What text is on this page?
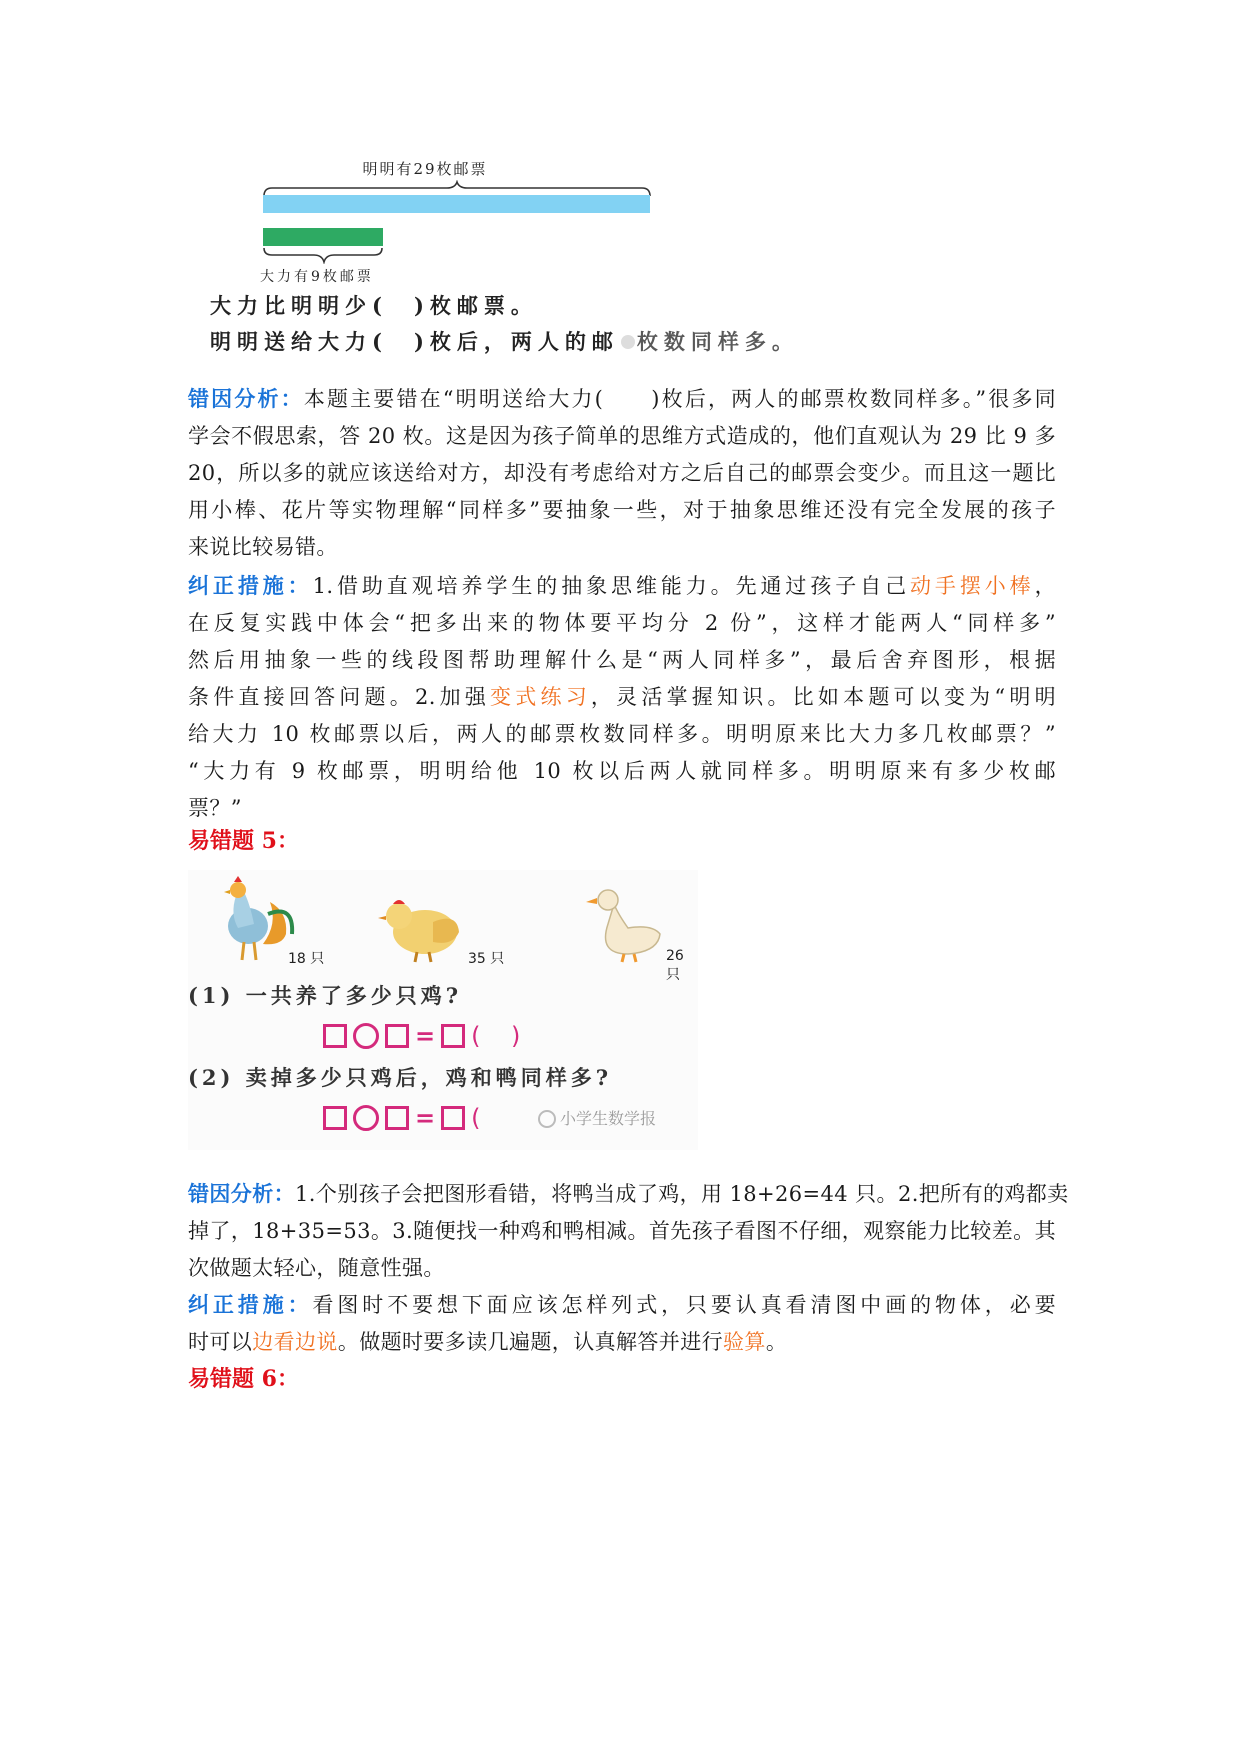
明明有29枚邮票
大力有9枚邮票
大力比明明少( )枚邮票。
明明送给大力( )枚后，两人的邮 枚数同样多。
错因分析：本题主要错在“明明送给大力(　　)枚后，两人的邮票枚数同样多。”很多同
学会不假思索，答 20 枚。这是因为孩子简单的思维方式造成的，他们直观认为 29 比 9 多
20，所以多的就应该送给对方，却没有考虑给对方之后自己的邮票会变少。而且这一题比
用小棒、花片等实物理解“同样多”要抽象一些，对于抽象思维还没有完全发展的孩子
来说比较易错。
纠正措施：1.借助直观培养学生的抽象思维能力。先通过孩子自己动手摆小棒，
在反复实践中体会“把多出来的物体要平均分 2 份”，这样才能两人“同样多”
然后用抽象一些的线段图帮助理解什么是“两人同样多”，最后舍弃图形，根据
条件直接回答问题。2.加强变式练习，灵活掌握知识。比如本题可以变为“明明
给大力 10 枚邮票以后，两人的邮票枚数同样多。明明原来比大力多几枚邮票？”
“大力有 9 枚邮票，明明给他 10 枚以后两人就同样多。明明原来有多少枚邮
票？”
易错题 5：
18 只	35 只	26 只
(1) 一共养了多少只鸡?
= ( )
(2) 卖掉多少只鸡后，鸡和鸭同样多?
= (	小学生数学报
错因分析：1.个别孩子会把图形看错，将鸭当成了鸡，用 18+26=44 只。2.把所有的鸡都卖
掉了，18+35=53。3.随便找一种鸡和鸭相减。首先孩子看图不仔细，观察能力比较差。其
次做题太轻心，随意性强。
纠正措施：看图时不要想下面应该怎样列式，只要认真看清图中画的物体，必要
时可以边看边说。做题时要多读几遍题，认真解答并进行验算。
易错题 6：
